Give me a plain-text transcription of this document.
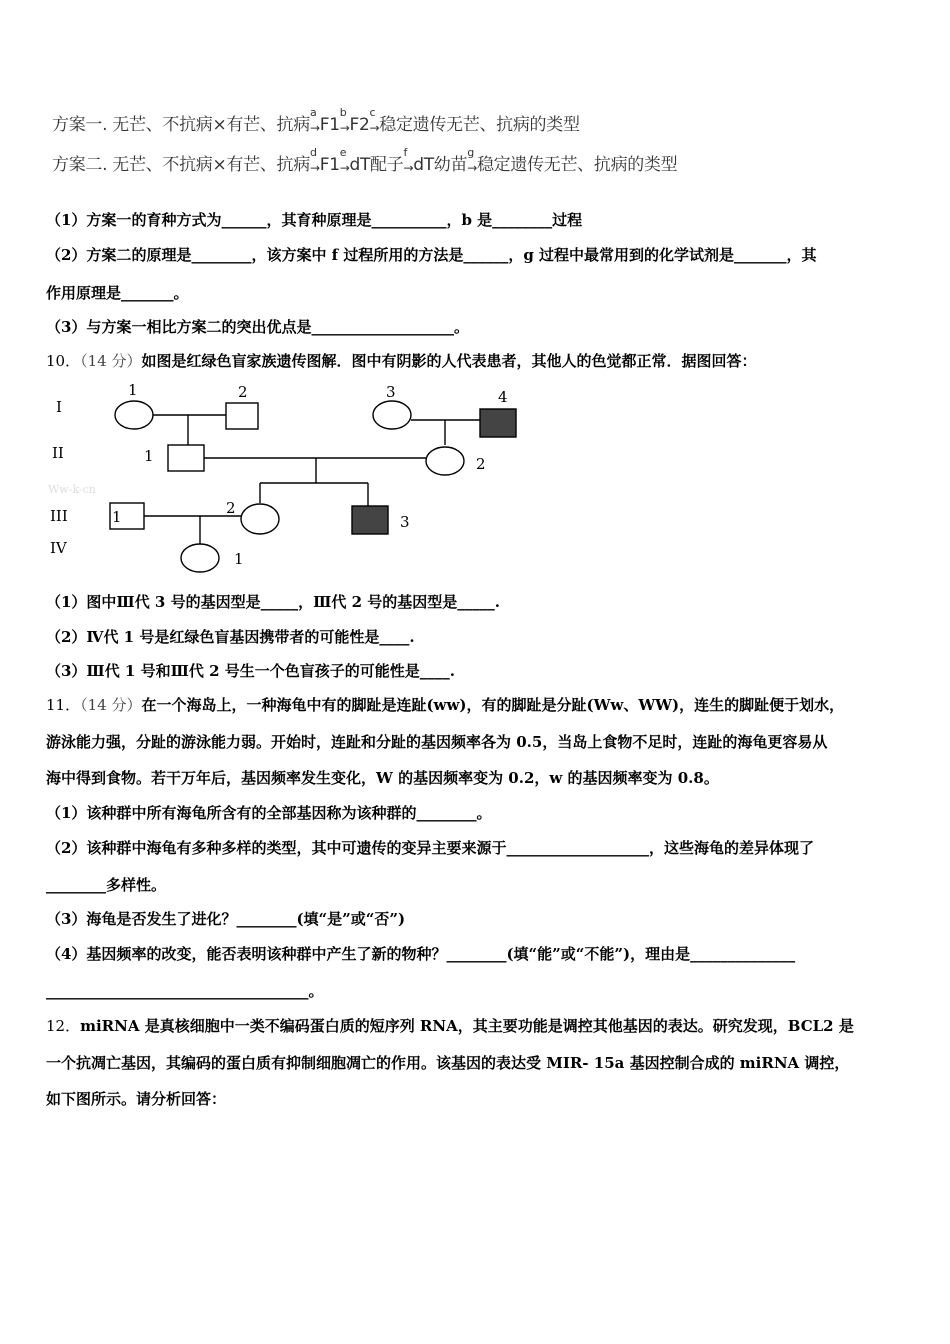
方案一. 无芒、不抗病×有芒、抗病
a
→F1
b
→F2
c
→稳定遗传无芒、抗病的类型
方案二. 无芒、不抗病×有芒、抗病
d
→F1
e
→dT配子
f
→dT幼苗
g
→稳定遗传无芒、抗病的类型
（1）方案一的育种方式为______，其育种原理是__________，b 是________过程
（2）方案二的原理是________，该方案中 f 过程所用的方法是______，g 过程中最常用到的化学试剂是_______，其
作用原理是_______。
（3）与方案一相比方案二的突出优点是___________________。
10．（14 分）如图是红绿色盲家族遗传图解．图中有阴影的人代表患者，其他人的色觉都正常．据图回答：
I
II
III
IV
1	2	3	4
1	2
1	2
3
1
Ww-k-cn
（1）图中Ⅲ代 3 号的基因型是_____，Ⅲ代 2 号的基因型是_____.
（2）Ⅳ代 1 号是红绿色盲基因携带者的可能性是____.
（3）Ⅲ代 1 号和Ⅲ代 2 号生一个色盲孩子的可能性是____.
11．（14 分）在一个海岛上，一种海龟中有的脚趾是连趾(ww)，有的脚趾是分趾(Ww、WW)，连生的脚趾便于划水，
游泳能力强，分趾的游泳能力弱。开始时，连趾和分趾的基因频率各为 0.5，当岛上食物不足时，连趾的海龟更容易从
海中得到食物。若干万年后，基因频率发生变化，W 的基因频率变为 0.2，w 的基因频率变为 0.8。
（1）该种群中所有海龟所含有的全部基因称为该种群的________。
（2）该种群中海龟有多种多样的类型，其中可遗传的变异主要来源于___________________，这些海龟的差异体现了
________多样性。
（3）海龟是否发生了进化？________(填“是”或“否”)
（4）基因频率的改变，能否表明该种群中产生了新的物种？________(填“能”或“不能”)，理由是______________
___________________________________。
12．miRNA 是真核细胞中一类不编码蛋白质的短序列 RNA，其主要功能是调控其他基因的表达。研究发现，BCL2 是
一个抗凋亡基因，其编码的蛋白质有抑制细胞凋亡的作用。该基因的表达受 MIR- 15a 基因控制合成的 miRNA 调控，
如下图所示。请分析回答：
